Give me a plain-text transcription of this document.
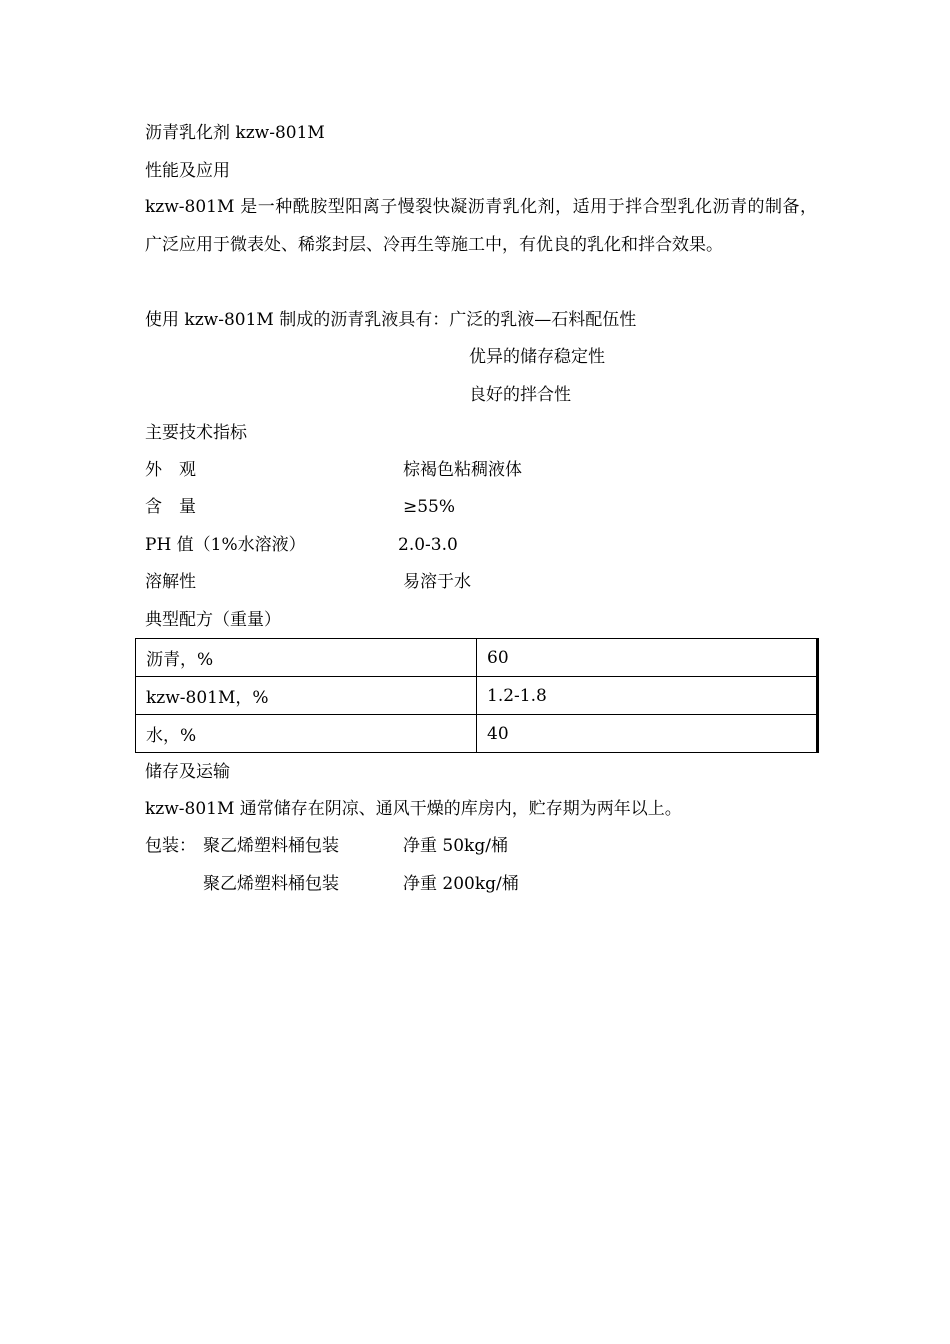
沥青乳化剂 kzw-801M
性能及应用
kzw-801M 是一种酰胺型阳离子慢裂快凝沥青乳化剂，适用于拌合型乳化沥青的制备，广泛应用于微表处、稀浆封层、冷再生等施工中，有优良的乳化和拌合效果。
使用 kzw-801M 制成的沥青乳液具有：广泛的乳液—石料配伍性
优异的储存稳定性
良好的拌合性
主要技术指标
外　观	棕褐色粘稠液体
含　量	≥55%
PH 值（1%水溶液）	2.0-3.0
溶解性	易溶于水
典型配方（重量）
沥青，%	60
kzw-801M，%	1.2-1.8
水，%	40
储存及运输
kzw-801M 通常储存在阴凉、通风干燥的库房内，贮存期为两年以上。
包装： 聚乙烯塑料桶包装	净重 50kg/桶
聚乙烯塑料桶包装	净重 200kg/桶
